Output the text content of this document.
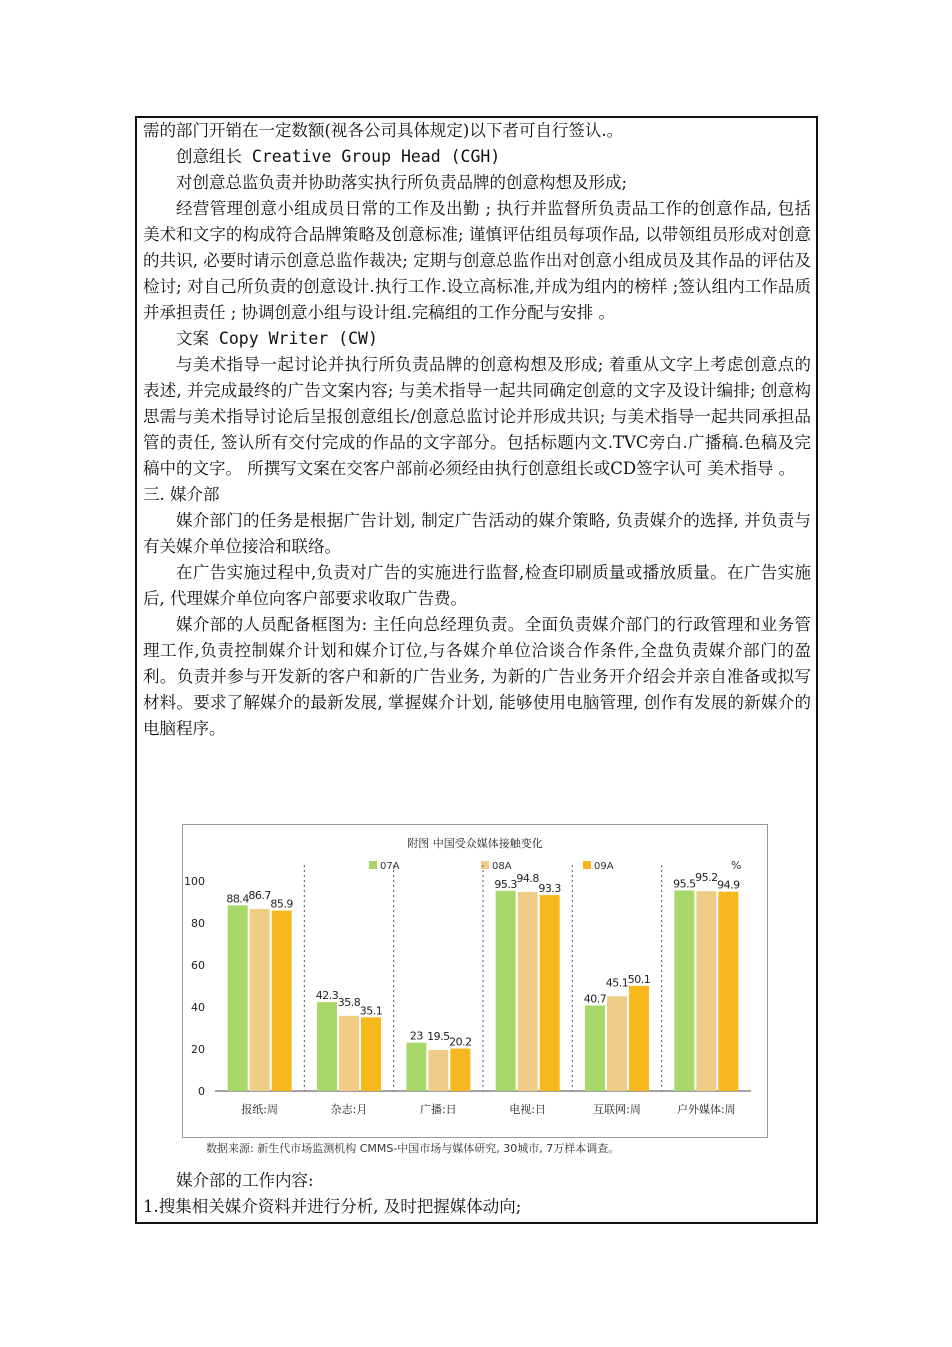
需的部门开销在一定数额(视各公司具体规定)以下者可自行签认.。

创意组长 Creative Group Head (CGH)

对创意总监负责并协助落实执行所负责品牌的创意构想及形成;

经营管理创意小组成员日常的工作及出勤 ; 执行并监督所负责品工作的创意作品, 包括美术和文字的构成符合品牌策略及创意标准; 谨慎评估组员每项作品, 以带领组员形成对创意的共识, 必要时请示创意总监作裁决; 定期与创意总监作出对创意小组成员及其作品的评估及检讨; 对自己所负责的创意设计.执行工作.设立高标准,并成为组内的榜样 ;签认组内工作品质并承担责任 ; 协调创意小组与设计组.完稿组的工作分配与安排 。

文案 Copy Writer (CW)

与美术指导一起讨论并执行所负责品牌的创意构想及形成; 着重从文字上考虑创意点的表述, 并完成最终的广告文案内容; 与美术指导一起共同确定创意的文字及设计编排; 创意构思需与美术指导讨论后呈报创意组长/创意总监讨论并形成共识; 与美术指导一起共同承担品管的责任, 签认所有交付完成的作品的文字部分。包括标题内文.TVC旁白.广播稿.色稿及完稿中的文字。 所撰写文案在交客户部前必须经由执行创意组长或CD签字认可 美术指导 。

三. 媒介部

媒介部门的任务是根据广告计划, 制定广告活动的媒介策略, 负责媒介的选择, 并负责与有关媒介单位接洽和联络。

在广告实施过程中,负责对广告的实施进行监督,检查印刷质量或播放质量。在广告实施后, 代理媒介单位向客户部要求收取广告费。

媒介部的人员配备框图为: 主任向总经理负责。全面负责媒介部门的行政管理和业务管理工作,负责控制媒介计划和媒介订位,与各媒介单位洽谈合作条件,全盘负责媒介部门的盈利。负责并参与开发新的客户和新的广告业务, 为新的广告业务开介绍会并亲自准备或拟写材料。要求了解媒介的最新发展, 掌握媒介计划, 能够使用电脑管理, 创作有发展的新媒介的电脑程序。

附图 中国受众媒体接触变化
07A	08A	09A	%
0
20
40
60
80
100
88.4 86.7
85.9
报纸:周
42.3
35.8
35.1
杂志:月
23 19.5 20.2
广播:日
95.3 94.8
93.3
电视:日
40.7
45.1 50.1
互联网:周
95.5 95.2
94.9
户外媒体:周
数据来源: 新生代市场监测机构 CMMS-中国市场与媒体研究, 30城市, 7万样本调查。

媒介部的工作内容:

1.搜集相关媒介资料并进行分析, 及时把握媒体动向;
